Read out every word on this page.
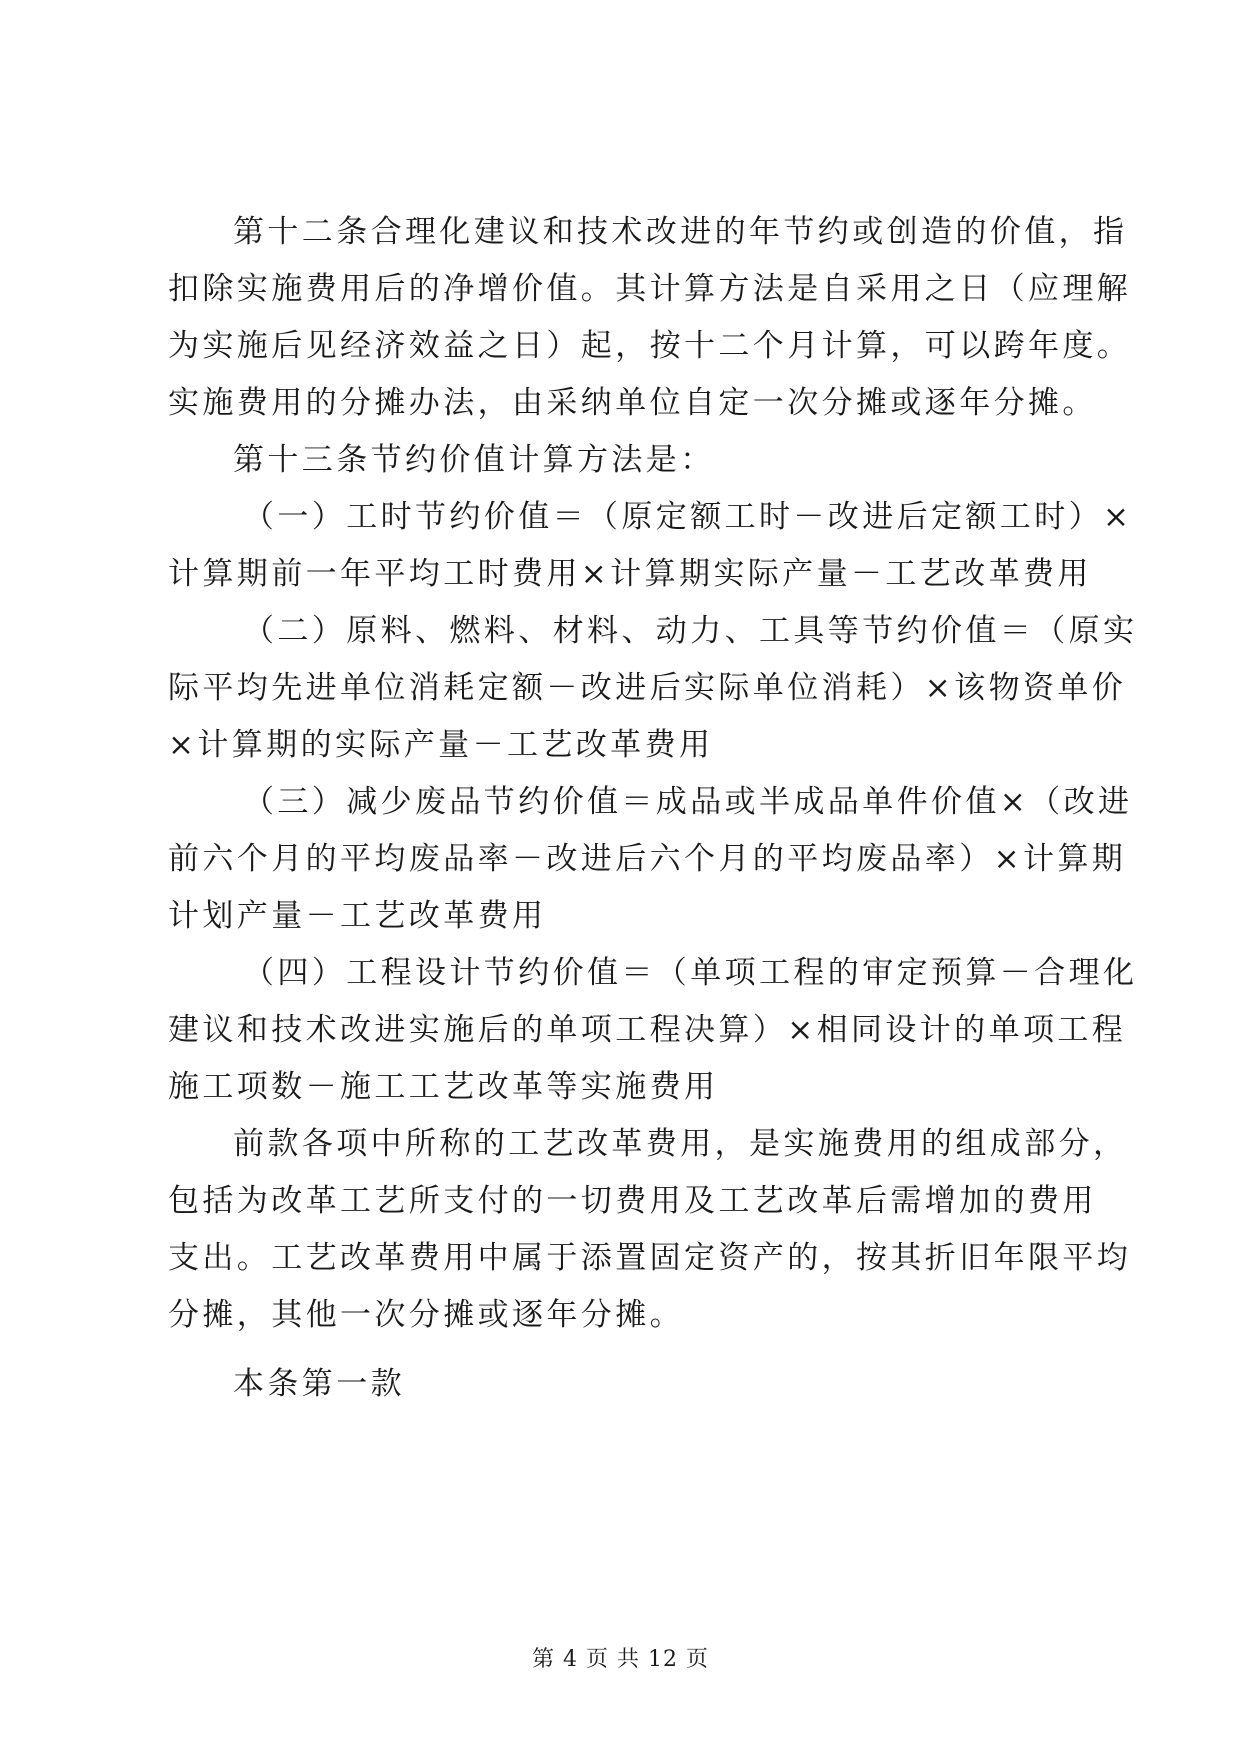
第十二条合理化建议和技术改进的年节约或创造的价值，指
扣除实施费用后的净增价值。其计算方法是自采用之日（应理解
为实施后见经济效益之日）起，按十二个月计算，可以跨年度。
实施费用的分摊办法，由采纳单位自定一次分摊或逐年分摊。
第十三条节约价值计算方法是：
（一）工时节约价值＝（原定额工时－改进后定额工时）×
计算期前一年平均工时费用×计算期实际产量－工艺改革费用
（二）原料、燃料、材料、动力、工具等节约价值＝（原实
际平均先进单位消耗定额－改进后实际单位消耗）×该物资单价
×计算期的实际产量－工艺改革费用
（三）减少废品节约价值＝成品或半成品单件价值×（改进
前六个月的平均废品率－改进后六个月的平均废品率）×计算期
计划产量－工艺改革费用
（四）工程设计节约价值＝（单项工程的审定预算－合理化
建议和技术改进实施后的单项工程决算）×相同设计的单项工程
施工项数－施工工艺改革等实施费用
前款各项中所称的工艺改革费用，是实施费用的组成部分，
包括为改革工艺所支付的一切费用及工艺改革后需增加的费用
支出。工艺改革费用中属于添置固定资产的，按其折旧年限平均
分摊，其他一次分摊或逐年分摊。
本条第一款
第 4 页 共 12 页
